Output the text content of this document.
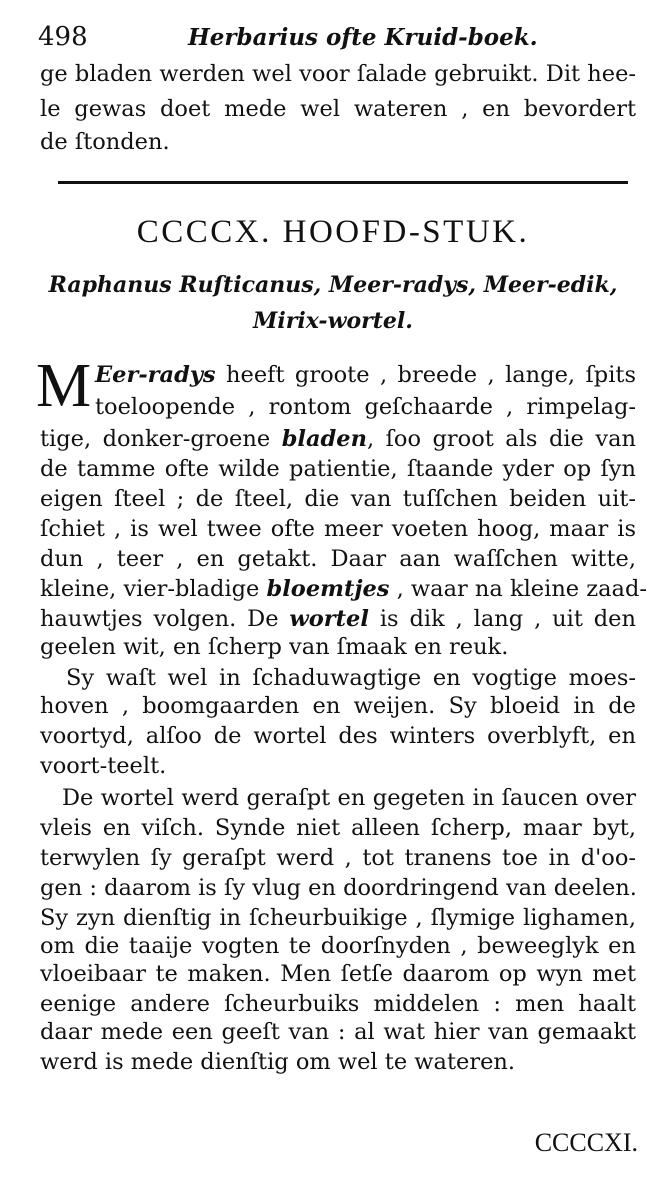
498	Herbarius ofte Kruid-boek.
ge bladen werden wel voor ſalade gebruikt. Dit hee-
le gewas doet mede wel wateren , en bevordert
de ſtonden.
CCCCX. HOOFD-STUK.
Raphanus Ruſticanus, Meer-radys, Meer-edik,
Mirix-wortel.
M Eer-radys heeft groote , breede , lange, ſpits
toeloopende , rontom geſchaarde , rimpelag-
tige, donker-groene bladen, ſoo groot als die van
de tamme ofte wilde patientie, ſtaande yder op ſyn
eigen ſteel ; de ſteel, die van tuſſchen beiden uit-
ſchiet , is wel twee ofte meer voeten hoog, maar is
dun , teer , en getakt. Daar aan waſſchen witte,
kleine, vier-bladige bloemtjes , waar na kleine zaad-
hauwtjes volgen. De wortel is dik , lang , uit den
geelen wit, en ſcherp van ſmaak en reuk.
Sy waſt wel in ſchaduwagtige en vogtige moes-
hoven , boomgaarden en weijen. Sy bloeid in de
voortyd, alſoo de wortel des winters overblyft, en
voort-teelt.
De wortel werd geraſpt en gegeten in ſaucen over
vleis en viſch. Synde niet alleen ſcherp, maar byt,
terwylen ſy geraſpt werd , tot tranens toe in d'oo-
gen : daarom is ſy vlug en doordringend van deelen.
Sy zyn dienſtig in ſcheurbuikige , ſlymige lighamen,
om die taaije vogten te doorſnyden , beweeglyk en
vloeibaar te maken. Men ſetſe daarom op wyn met
eenige andere ſcheurbuiks middelen : men haalt
daar mede een geeſt van : al wat hier van gemaakt
werd is mede dienſtig om wel te wateren.
CCCCXI.
